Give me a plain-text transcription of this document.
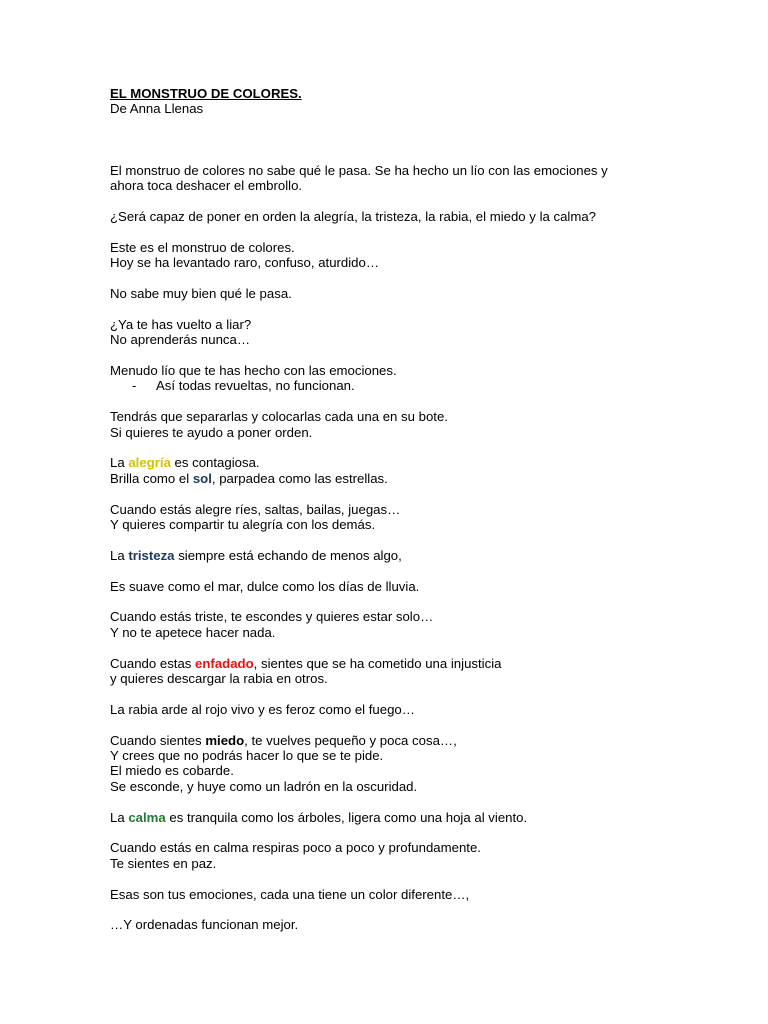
EL MONSTRUO DE COLORES.

De Anna Llenas

El monstruo de colores no sabe qué le pasa. Se ha hecho un lío con las emociones y
ahora toca deshacer el embrollo.
¿Será capaz de poner en orden la alegría, la tristeza, la rabia, el miedo y la calma?
Este es el monstruo de colores.
Hoy se ha levantado raro, confuso, aturdido…
No sabe muy bien qué le pasa.
¿Ya te has vuelto a liar?
No aprenderás nunca…
Menudo lío que te has hecho con las emociones.
- Así todas revueltas, no funcionan.
Tendrás que separarlas y colocarlas cada una en su bote.
Si quieres te ayudo a poner orden.
La alegría es contagiosa.
Brilla como el sol, parpadea como las estrellas.
Cuando estás alegre ríes, saltas, bailas, juegas…
Y quieres compartir tu alegría con los demás.
La tristeza siempre está echando de menos algo,
Es suave como el mar, dulce como los días de lluvia.
Cuando estás triste, te escondes y quieres estar solo…
Y no te apetece hacer nada.
Cuando estas enfadado, sientes que se ha cometido una injusticia
y quieres descargar la rabia en otros.
La rabia arde al rojo vivo y es feroz como el fuego…
Cuando sientes miedo, te vuelves pequeño y poca cosa…,
Y crees que no podrás hacer lo que se te pide.
El miedo es cobarde.
Se esconde, y huye como un ladrón en la oscuridad.
La calma es tranquila como los árboles, ligera como una hoja al viento.
Cuando estás en calma respiras poco a poco y profundamente.
Te sientes en paz.
Esas son tus emociones, cada una tiene un color diferente…,
…Y ordenadas funcionan mejor.
